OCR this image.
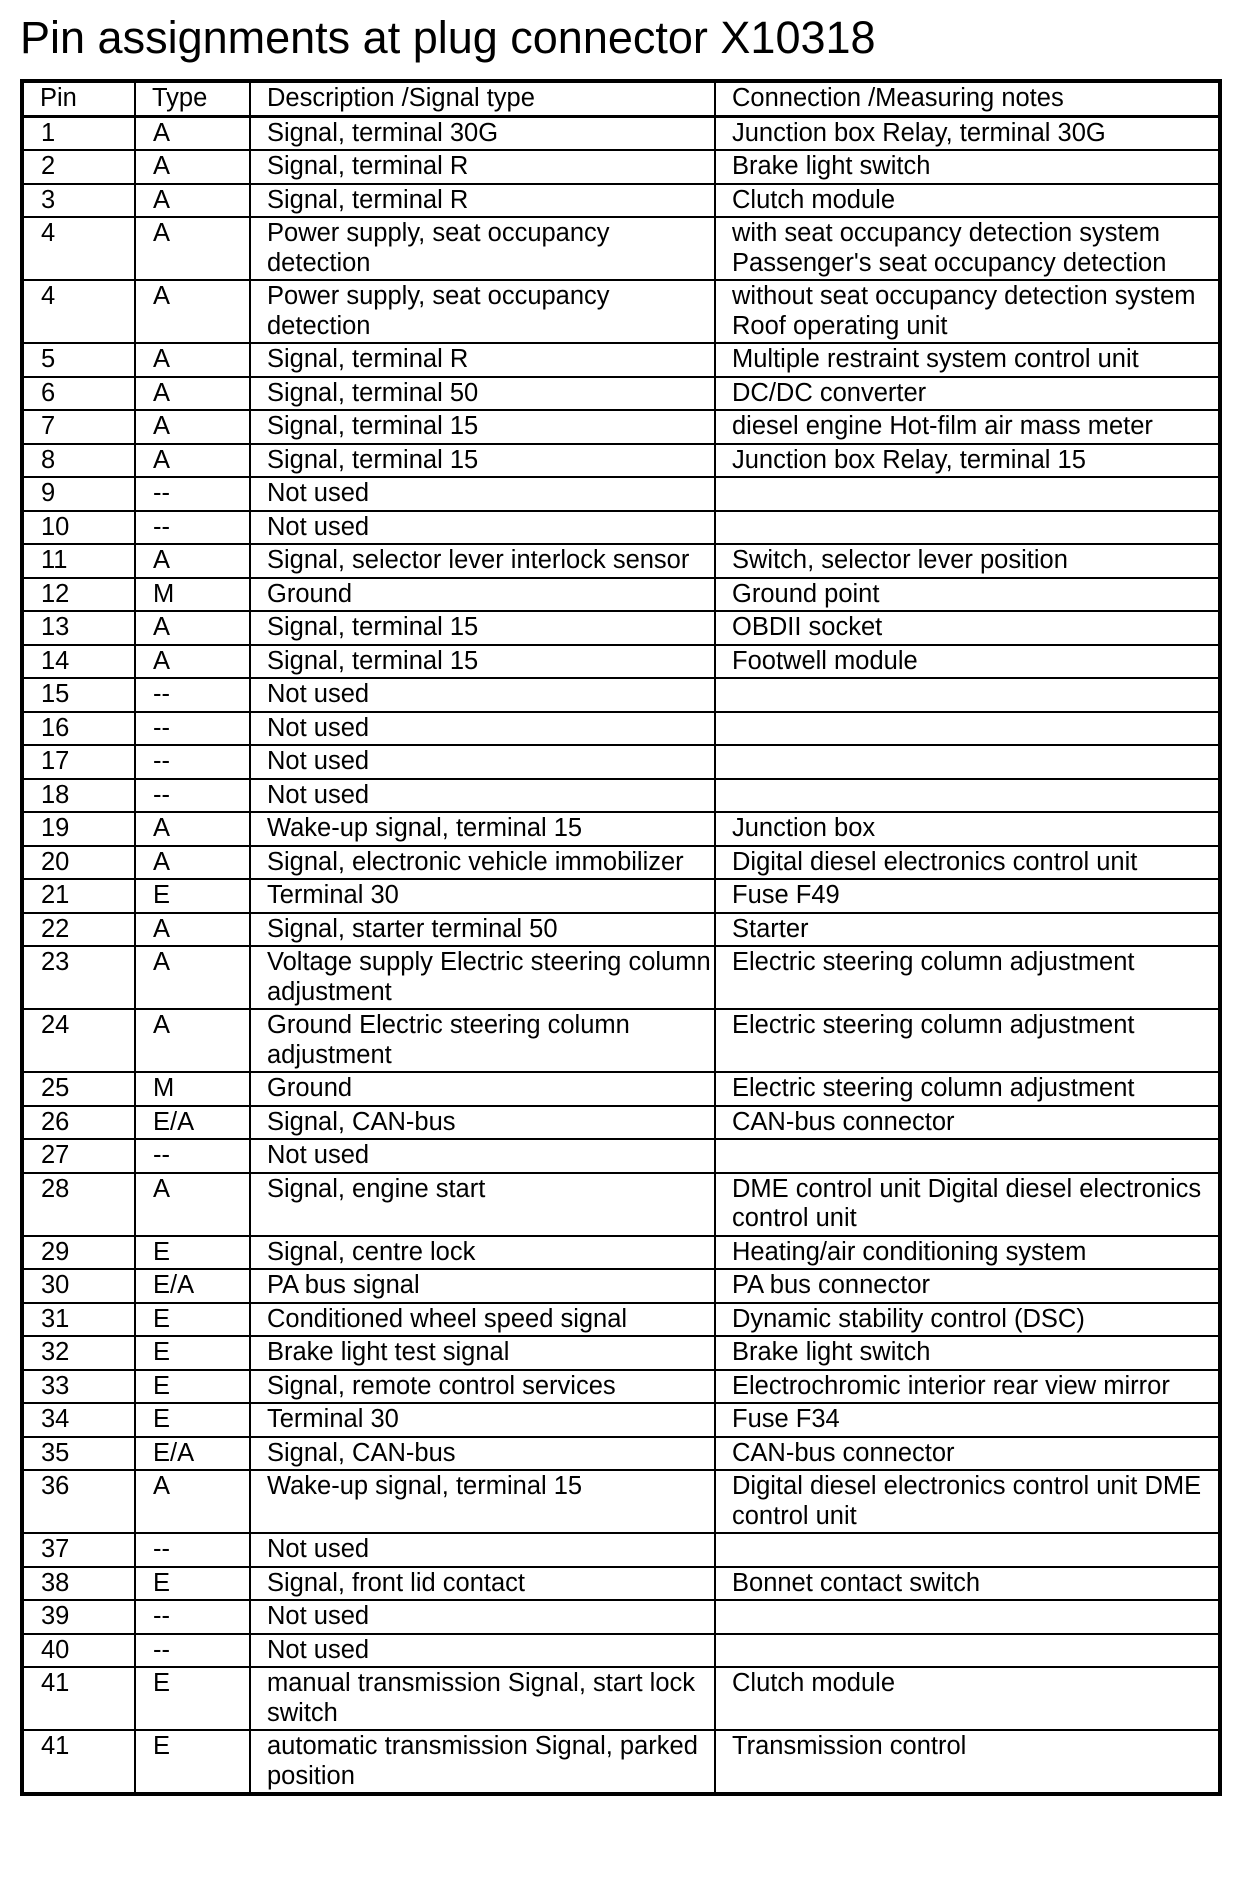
Pin assignments at plug connector X10318
Pin	Type	Description /Signal type	Connection /Measuring notes
1	A	Signal, terminal 30G	Junction box Relay, terminal 30G
2	A	Signal, terminal R	Brake light switch
3	A	Signal, terminal R	Clutch module
4	A	Power supply, seat occupancy detection	with seat occupancy detection system Passenger's seat occupancy detection
4	A	Power supply, seat occupancy detection	without seat occupancy detection system Roof operating unit
5	A	Signal, terminal R	Multiple restraint system control unit
6	A	Signal, terminal 50	DC/DC converter
7	A	Signal, terminal 15	diesel engine Hot-film air mass meter
8	A	Signal, terminal 15	Junction box Relay, terminal 15
9	--	Not used	
10	--	Not used	
11	A	Signal, selector lever interlock sensor	Switch, selector lever position
12	M	Ground	Ground point
13	A	Signal, terminal 15	OBDII socket
14	A	Signal, terminal 15	Footwell module
15	--	Not used	
16	--	Not used	
17	--	Not used	
18	--	Not used	
19	A	Wake-up signal, terminal 15	Junction box
20	A	Signal, electronic vehicle immobilizer	Digital diesel electronics control unit
21	E	Terminal 30	Fuse F49
22	A	Signal, starter terminal 50	Starter
23	A	Voltage supply Electric steering column adjustment	Electric steering column adjustment
24	A	Ground Electric steering column adjustment	Electric steering column adjustment
25	M	Ground	Electric steering column adjustment
26	E/A	Signal, CAN-bus	CAN-bus connector
27	--	Not used	
28	A	Signal, engine start	DME control unit Digital diesel electronics control unit
29	E	Signal, centre lock	Heating/air conditioning system
30	E/A	PA bus signal	PA bus connector
31	E	Conditioned wheel speed signal	Dynamic stability control (DSC)
32	E	Brake light test signal	Brake light switch
33	E	Signal, remote control services	Electrochromic interior rear view mirror
34	E	Terminal 30	Fuse F34
35	E/A	Signal, CAN-bus	CAN-bus connector
36	A	Wake-up signal, terminal 15	Digital diesel electronics control unit DME control unit
37	--	Not used	
38	E	Signal, front lid contact	Bonnet contact switch
39	--	Not used	
40	--	Not used	
41	E	manual transmission Signal, start lock switch	Clutch module
41	E	automatic transmission Signal, parked position	Transmission control
